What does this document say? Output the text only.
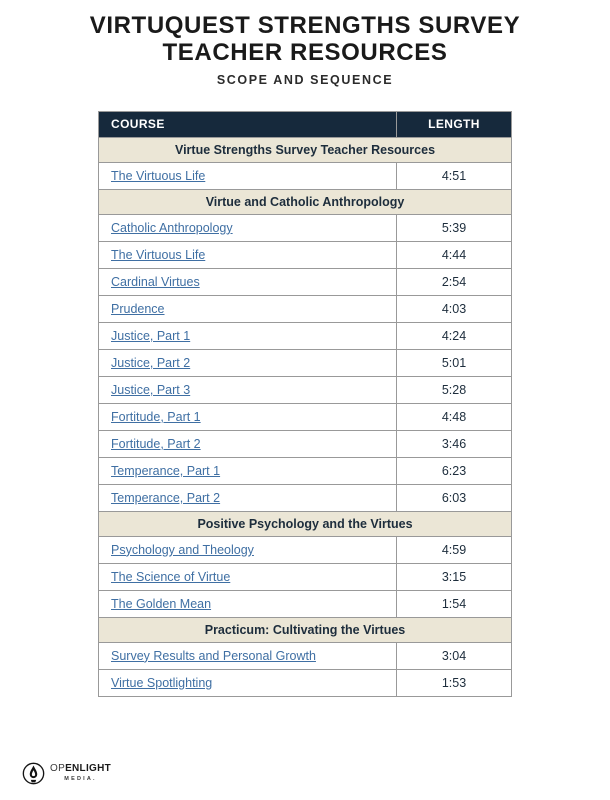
VIRTUQUEST STRENGTHS SURVEY
TEACHER RESOURCES
SCOPE AND SEQUENCE
COURSE	LENGTH
Virtue Strengths Survey Teacher Resources	
The Virtuous Life	4:51
Virtue and Catholic Anthropology	
Catholic Anthropology	5:39
The Virtuous Life	4:44
Cardinal Virtues	2:54
Prudence	4:03
Justice, Part 1	4:24
Justice, Part 2	5:01
Justice, Part 3	5:28
Fortitude, Part 1	4:48
Fortitude, Part 2	3:46
Temperance, Part 1	6:23
Temperance, Part 2	6:03
Positive Psychology and the Virtues	
Psychology and Theology	4:59
The Science of Virtue	3:15
The Golden Mean	1:54
Practicum: Cultivating the Virtues	
Survey Results and Personal Growth	3:04
Virtue Spotlighting	1:53
OPENLIGHT
MEDIA.
